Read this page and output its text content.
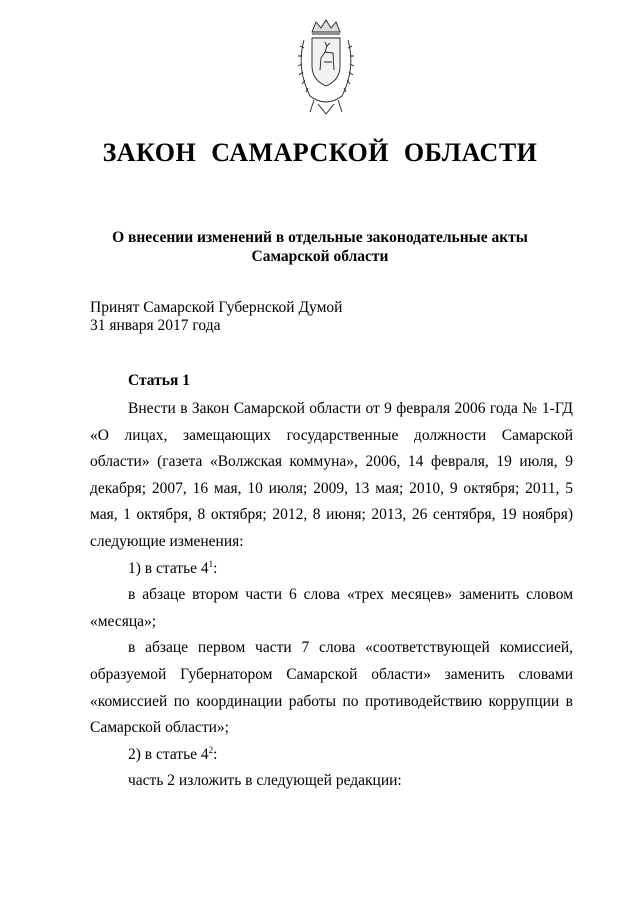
ЗАКОН САМАРСКОЙ ОБЛАСТИ
О внесении изменений в отдельные законодательные акты
Самарской области
Принят Самарской Губернской Думой
31 января 2017 года
Статья 1

Внести в Закон Самарской области от 9 февраля 2006 года № 1-ГД «О лицах, замещающих государственные должности Самарской области» (газета «Волжская коммуна», 2006, 14 февраля, 19 июля, 9 декабря; 2007, 16 мая, 10 июля; 2009, 13 мая; 2010, 9 октября; 2011, 5 мая, 1 октября, 8 октября; 2012, 8 июня; 2013, 26 сентября, 19 ноября) следующие изменения:

1) в статье $4^1$:

в абзаце втором части 6 слова «трех месяцев» заменить словом «месяца»;

в абзаце первом части 7 слова «соответствующей комиссией, образуемой Губернатором Самарской области» заменить словами «комиссией по координации работы по противодействию коррупции в Самарской области»;

2) в статье $4^2$:

часть 2 изложить в следующей редакции:
